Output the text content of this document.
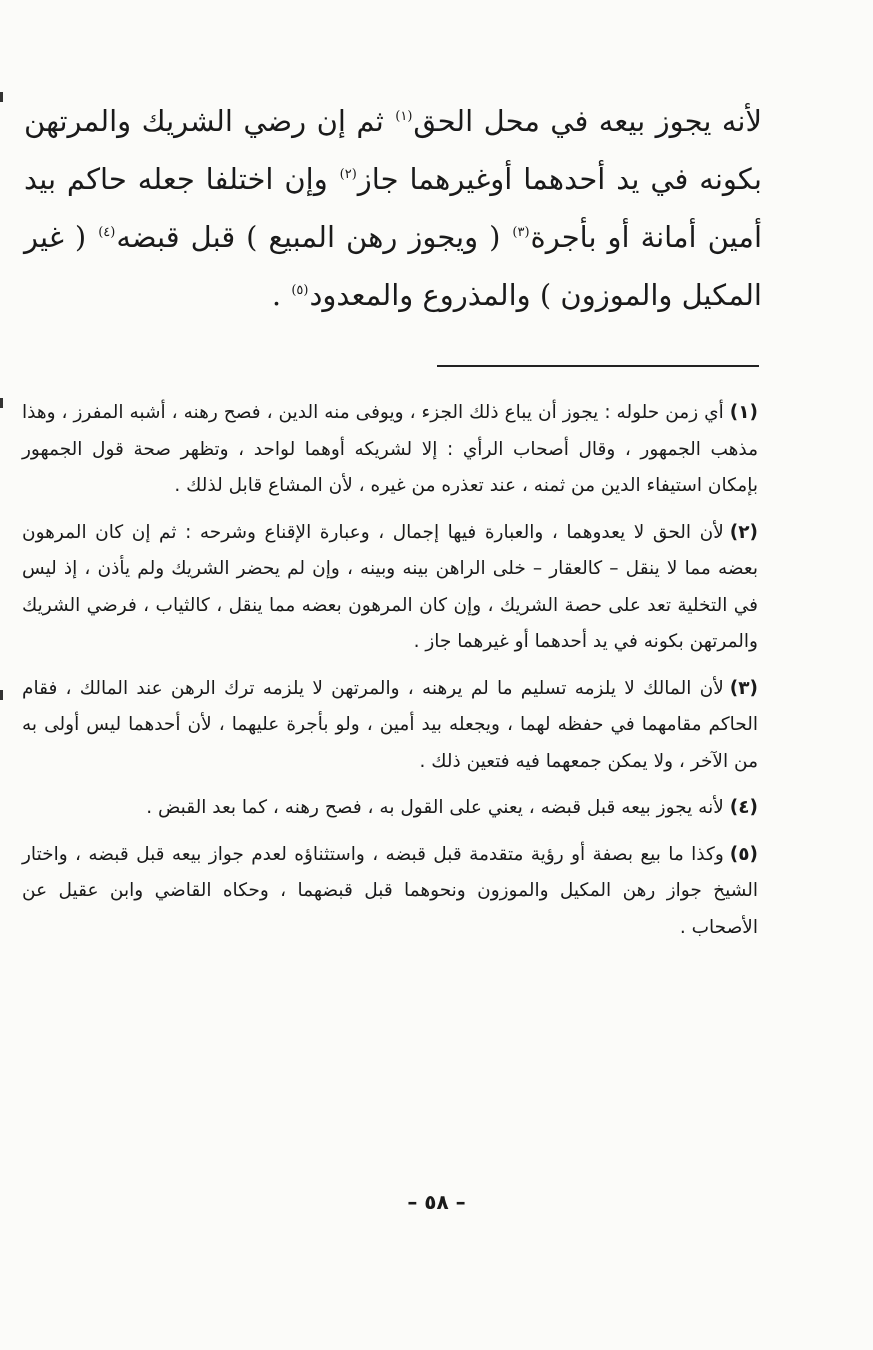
لأنه يجوز بيعه في محل الحق$^{(١)}$ ثم إن رضي الشريك والمرتهن بكونه في يد أحدهما أوغيرهما جاز$^{(٢)}$ وإن اختلفا جعله حاكم بيد أمين أمانة أو بأجرة$^{(٣)}$ ( ويجوز رهن المبيع ) قبل قبضه$^{(٤)}$ ( غير المكيل والموزون ) والمذروع والمعدود$^{(٥)}$ .

(١)أي زمن حلوله : يجوز أن يباع ذلك الجزء ، ويوفى منه الدين ، فصح رهنه ، أشبه المفرز ، وهذا مذهب الجمهور ، وقال أصحاب الرأي : إلا لشريكه أوهما لواحد ، وتظهر صحة قول الجمهور بإمكان استيفاء الدين من ثمنه ، عند تعذره من غيره ، لأن المشاع قابل لذلك .

(٢)لأن الحق لا يعدوهما ، والعبارة فيها إجمال ، وعبارة الإقناع وشرحه : ثم إن كان المرهون بعضه مما لا ينقل – كالعقار – خلى الراهن بينه وبينه ، وإن لم يحضر الشريك ولم يأذن ، إذ ليس في التخلية تعد على حصة الشريك ، وإن كان المرهون بعضه مما ينقل ، كالثياب ، فرضي الشريك والمرتهن بكونه في يد أحدهما أو غيرهما جاز .

(٣)لأن المالك لا يلزمه تسليم ما لم يرهنه ، والمرتهن لا يلزمه ترك الرهن عند المالك ، فقام الحاكم مقامهما في حفظه لهما ، ويجعله بيد أمين ، ولو بأجرة عليهما ، لأن أحدهما ليس أولى به من الآخر ، ولا يمكن جمعهما فيه فتعين ذلك .

(٤)لأنه يجوز بيعه قبل قبضه ، يعني على القول به ، فصح رهنه ، كما بعد القبض .

(٥)وكذا ما بيع بصفة أو رؤية متقدمة قبل قبضه ، واستثناؤه لعدم جواز بيعه قبل قبضه ، واختار الشيخ جواز رهن المكيل والموزون ونحوهما قبل قبضهما ، وحكاه القاضي وابن عقيل عن الأصحاب .

– ٥٨ –
